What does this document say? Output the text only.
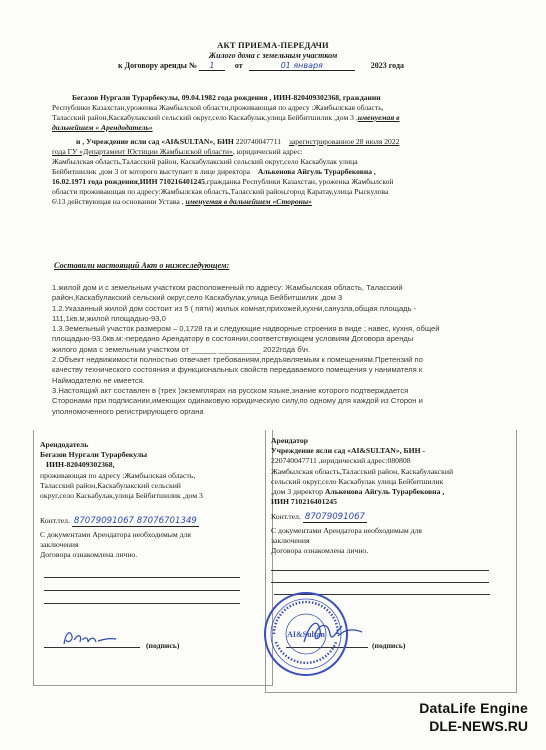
АКТ ПРИЕМА-ПЕРЕДАЧИ
Жилого дома с земельным участком
к Договору аренды № 1	от	01 января	2023 года
Бегазов Нургали Турарбекулы, 09.04.1982 года рождения , ИИН-820409302368, гражданин
Республики Казахстан,уроженка Жамбылской области,проживающая по адресу :Жамбылская область,
Таласский район,Каскабулакский сельский округ,село Каскабулак,улица Бейбитшилик ,дом 3 ,именуемая в
дальнейшем « Арендодатель»
и , Учреждение ясли сад «AI&SULTAN», БИН 220740047711 зарегистрированное 28 июля 2022
года ГУ «Департамент Юстиции Жамбылской области», юридический адрес:
Жамбылская область,Таласский район, Каскабулакский сельский округ,село Каскабулак улица
Бейбитшилик ,дом 3 от которого выступает в лице директора Алькенова Айгуль Турарбековна ,
16.02.1971 года рождения,ИИН 710216401245,гражданка Республики Казахстан, уроженка Жамбылской
области проживающая по адресу:Жамбылская область,Таласский район,город Каратау,улица Рыскулова
6\13 действующая на основании Устава , именуемая в дальнейшем «Стороны»
Составили настоящий Акт о нижеследующем:
1.жилой дом и с земельным участком расположенный по адресу: Жамбылская область, Таласский
район,Каскабулакский сельский округ,село Каскабулак,улица Бейбитшилик ,дом 3
1.2.Указанный жилой дом состоит из 5 ( пяти) жилых комнат,прихожей,кухни,санузла,общая площадь -
111,1кв.м,жилой площадью-93,0
1.3.Земельный участок размером – 0,1728 га и следующие надворные строения в виде ; навес, кухня, общей
площадью-93.0кв.м:-передано Арендатору в состоянии,соответствующем условиям Договора аренды
жилого дома с земельным участком от ______ __________ 2022года б\н.
2.Объект недвижимости полностью отвечает требованиям,предъявляемым к помещениям.Претензий по
качеству технического состояния и функциональных свойств передаваемого помещения у нанимателя к
Наймодателю не имеется.
3.Настоящий акт составлен в (трех )экземплярах на русском языке,знание которого подтверждается
Сторонами при подписании,имеющих одинаковую юридическую силу,по одному для каждой из Сторон и
уполномоченного регистрирующего органа
Арендодатель
Бегазов Нургали Турарбекулы
ИИН-820409302368,
проживающая по адресу :Жамбылская область,
Таласский район,Каскабулакский сельский
округ,село Каскабулак,улица Бейбитшилик ,дом 3
Конт.тел. 87079091067 87076701349
С документами Арендатора необходимым для
заключения
Договора ознакомлена лично.
(подпись)
Арендатор
Учреждение ясли сад «AI&SULTAN», БИН -
220740047711 ,юридический адрес:080808
Жамбылская область,Таласский район, Каскабулакский
сельский округ,село Каскабулак улица Бейбитшилик
,дом 3 директор Алькенова Айгуль Турарбековна ,
ИИН 710216401245
Конт.тел. 87079091067
С документами Арендатора необходимым для
заключения
Договора ознакомлена лично.
AI&Sultan
(подпись)
DataLife Engine
DLE-NEWS.RU
